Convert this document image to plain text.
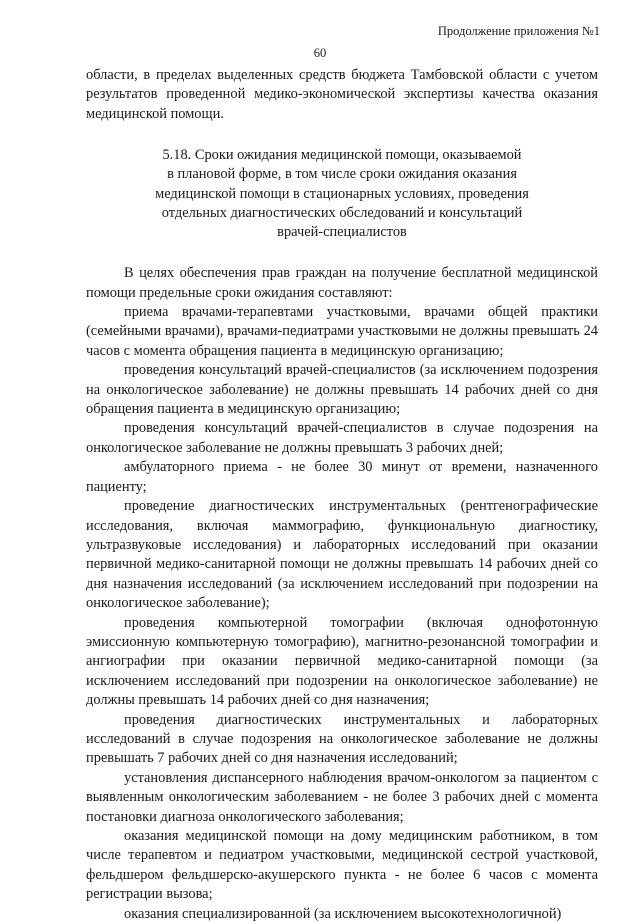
Продолжение приложения №1
60

области, в пределах выделенных средств бюджета Тамбовской области с учетом результатов проведенной медико-экономической экспертизы качества оказания медицинской помощи.

5.18. Сроки ожидания медицинской помощи, оказываемой
в плановой форме, в том числе сроки ожидания оказания
медицинской помощи в стационарных условиях, проведения
отдельных диагностических обследований и консультаций
врачей-специалистов

В целях обеспечения прав граждан на получение бесплатной медицинской помощи предельные сроки ожидания составляют:

приема врачами-терапевтами участковыми, врачами общей практики (семейными врачами), врачами-педиатрами участковыми не должны превышать 24 часов с момента обращения пациента в медицинскую организацию;

проведения консультаций врачей-специалистов (за исключением подозрения на онкологическое заболевание) не должны превышать 14 рабочих дней со дня обращения пациента в медицинскую организацию;

проведения консультаций врачей-специалистов в случае подозрения на онкологическое заболевание не должны превышать 3 рабочих дней;

амбулаторного приема - не более 30 минут от времени, назначенного пациенту;

проведение диагностических инструментальных (рентгенографические исследования, включая маммографию, функциональную диагностику, ультразвуковые исследования) и лабораторных исследований при оказании первичной медико-санитарной помощи не должны превышать 14 рабочих дней со дня назначения исследований (за исключением исследований при подозрении на онкологическое заболевание);

проведения компьютерной томографии (включая однофотонную эмиссионную компьютерную томографию), магнитно-резонансной томографии и ангиографии при оказании первичной медико-санитарной помощи (за исключением исследований при подозрении на онкологическое заболевание) не должны превышать 14 рабочих дней со дня назначения;

проведения диагностических инструментальных и лабораторных исследований в случае подозрения на онкологическое заболевание не должны превышать 7 рабочих дней со дня назначения исследований;

установления диспансерного наблюдения врачом-онкологом за пациентом с выявленным онкологическим заболеванием - не более 3 рабочих дней с момента постановки диагноза онкологического заболевания;

оказания медицинской помощи на дому медицинским работником, в том числе терапевтом и педиатром участковыми, медицинской сестрой участковой, фельдшером фельдшерско-акушерского пункта - не более 6 часов с момента регистрации вызова;

оказания специализированной (за исключением высокотехнологичной)
